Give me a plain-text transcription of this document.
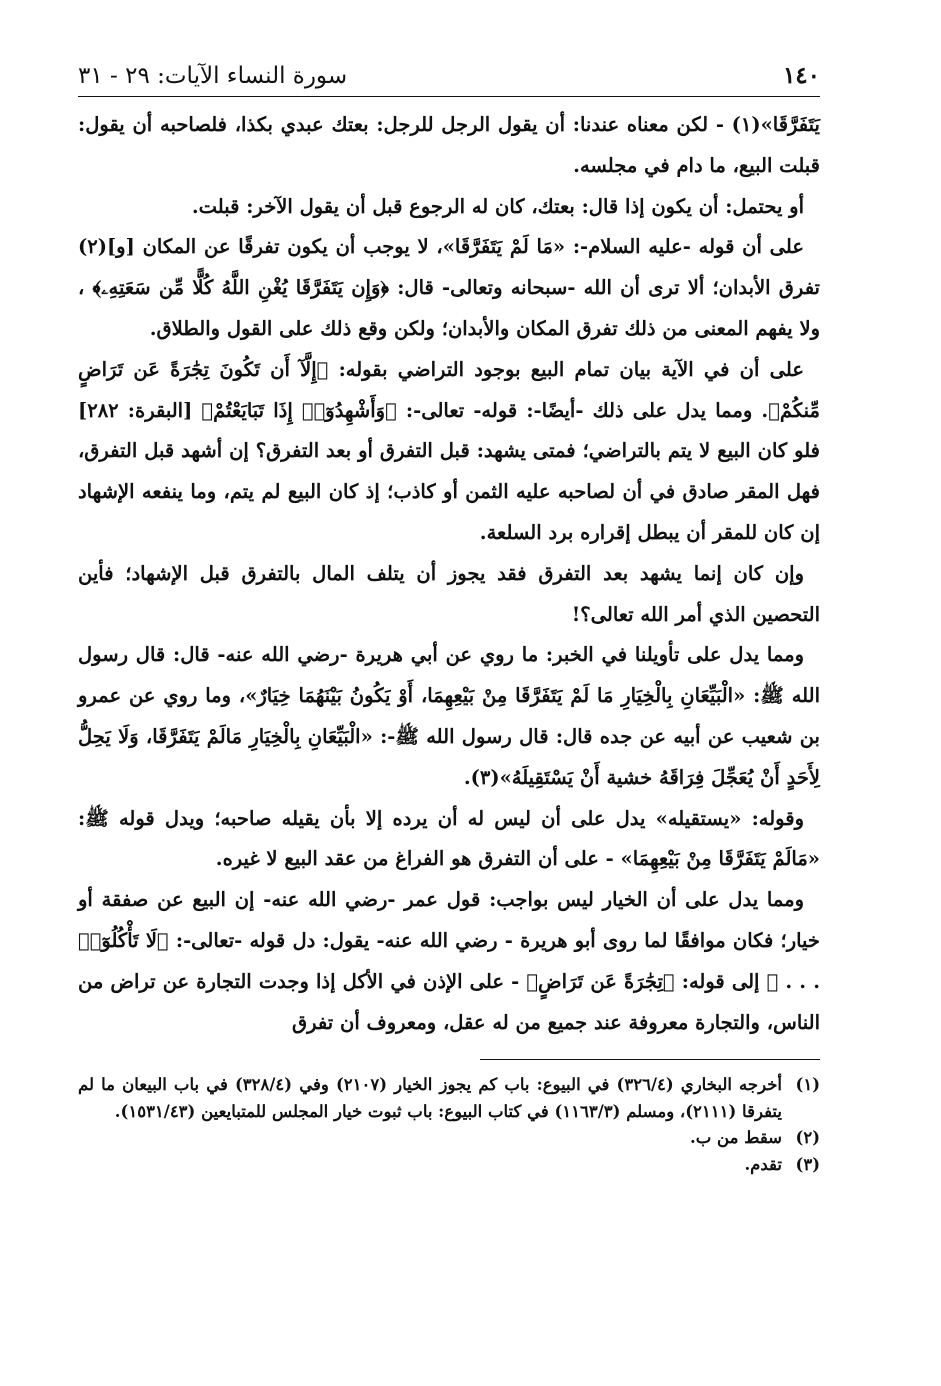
١٤٠
سورة النساء الآيات: ٢٩ - ٣١

يَتَفَرَّقَا»(١) - لكن معناه عندنا: أن يقول الرجل للرجل: بعتك عبدي بكذا، فلصاحبه أن يقول: قبلت البيع، ما دام في مجلسه.

أو يحتمل: أن يكون إذا قال: بعتك، كان له الرجوع قبل أن يقول الآخر: قبلت.

على أن قوله -عليه السلام-: «مَا لَمْ يَتَفَرَّقَا»، لا يوجب أن يكون تفرقًا عن المكان [و](٢) تفرق الأبدان؛ ألا ترى أن الله -سبحانه وتعالى- قال: ﴿وَإِن يَتَفَرَّقَا يُغْنِ اللَّهُ كُلًّا مِّن سَعَتِهِۦ﴾ ، ولا يفهم المعنى من ذلك تفرق المكان والأبدان؛ ولكن وقع ذلك على القول والطلاق.

على أن في الآية بيان تمام البيع بوجود التراضي بقوله: ﴿إِلَّآ أَن تَكُونَ تِجَٰرَةً عَن تَرَاضٍ مِّنكُمْ﴾. ومما يدل على ذلك -أيضًا-: قوله- تعالى-: ﴿وَأَشْهِدُوٓا۟ إِذَا تَبَايَعْتُمْ﴾ [البقرة: ٢٨٢] فلو كان البيع لا يتم بالتراضي؛ فمتى يشهد: قبل التفرق أو بعد التفرق؟ إن أشهد قبل التفرق، فهل المقر صادق في أن لصاحبه عليه الثمن أو كاذب؛ إذ كان البيع لم يتم، وما ينفعه الإشهاد إن كان للمقر أن يبطل إقراره برد السلعة.

وإن كان إنما يشهد بعد التفرق فقد يجوز أن يتلف المال بالتفرق قبل الإشهاد؛ فأين التحصين الذي أمر الله تعالى؟!

ومما يدل على تأويلنا في الخبر: ما روي عن أبي هريرة -رضي الله عنه- قال: قال رسول الله ﷺ: «الْبَيِّعَانِ بِالْخِيَارِ مَا لَمْ يَتَفَرَّقَا مِنْ بَيْعِهِمَا، أَوْ يَكُونُ بَيْنَهُمَا خِيَارٌ»، وما روي عن عمرو بن شعيب عن أبيه عن جده قال: قال رسول الله ﷺ-: «الْبَيِّعَانِ بِالْخِيَارِ مَالَمْ يَتَفَرَّقَا، وَلَا يَحِلُّ لِأَحَدٍ أَنْ يُعَجِّلَ فِرَاقَهُ خشية أَنْ يَسْتَقِيلَهُ»(٣).

وقوله: «يستقيله» يدل على أن ليس له أن يرده إلا بأن يقيله صاحبه؛ ويدل قوله ﷺ: «مَالَمْ يَتَفَرَّقَا مِنْ بَيْعِهِمَا» - على أن التفرق هو الفراغ من عقد البيع لا غيره.

ومما يدل على أن الخيار ليس بواجب: قول عمر -رضي الله عنه- إن البيع عن صفقة أو خيار؛ فكان موافقًا لما روى أبو هريرة - رضي الله عنه- يقول: دل قوله -تعالى-: ﴿لَا تَأْكُلُوٓا۟ . . . ﴾ إلى قوله: ﴿تِجَٰرَةً عَن تَرَاضٍ﴾ - على الإذن في الأكل إذا وجدت التجارة عن تراض من الناس، والتجارة معروفة عند جميع من له عقل، ومعروف أن تفرق

(١)
أخرجه البخاري (٣٢٦/٤) في البيوع: باب كم يجوز الخيار (٢١٠٧) وفي (٣٢٨/٤) في باب البيعان ما لم يتفرقا (٢١١١)، ومسلم (١١٦٣/٣) في كتاب البيوع: باب ثبوت خيار المجلس للمتبايعين (١٥٣١/٤٣).
(٢)
سقط من ب.
(٣)
تقدم.
